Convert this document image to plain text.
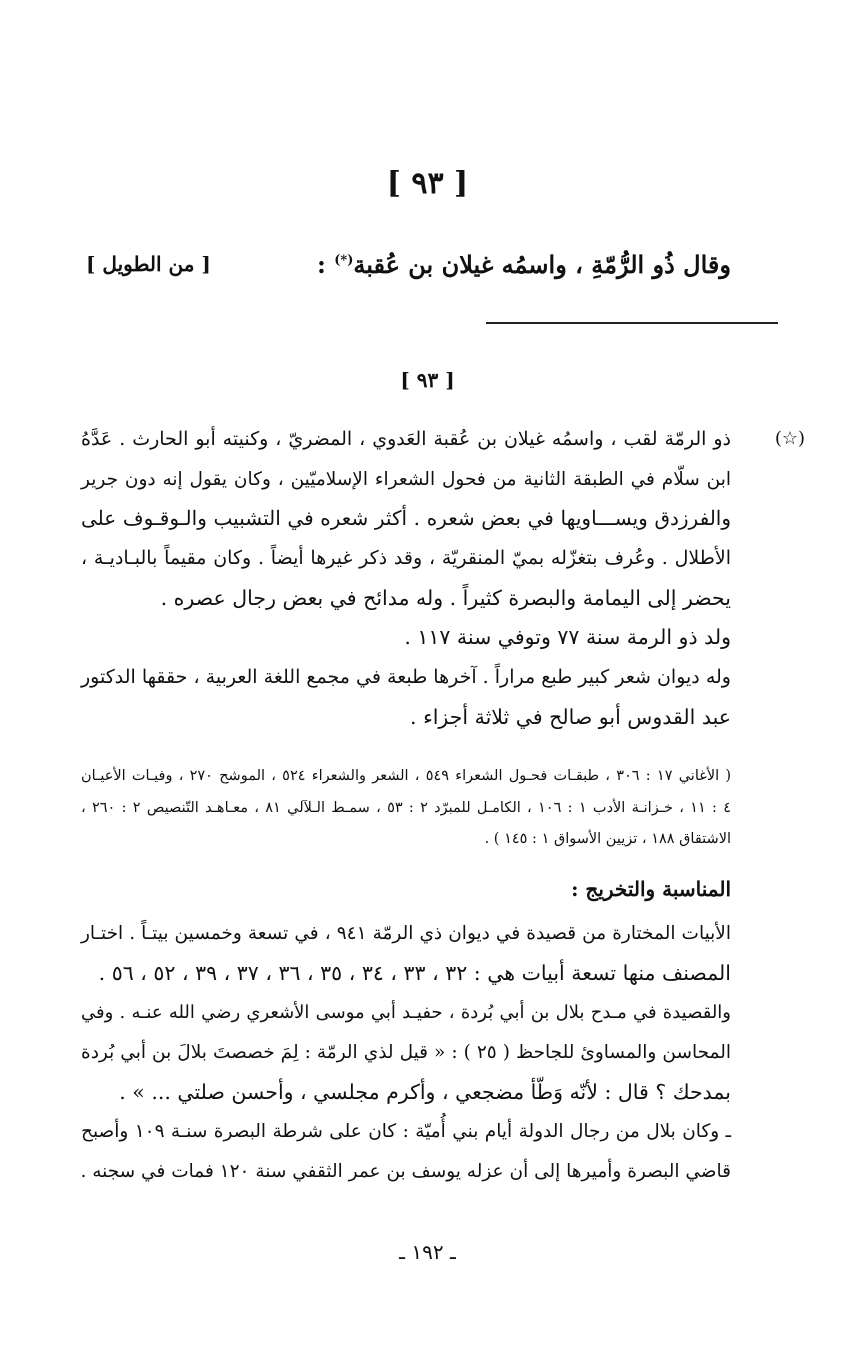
[ ٩٣ ]
وقال ذُو الرُّمّةِ ، واسمُه غيلان بن عُقبة(*) :
[ من الطويل ]
[ ٩٣ ]
(☆)
ذو الرمّة لقب ، واسمُه غيلان بن عُقبة العَدوي ، المضريّ ، وكنيته أبو الحارث . عَدَّهُ
ابن سلّام في الطبقة الثانية من فحول الشعراء الإسلاميّين ، وكان يقول إنه دون جرير
والفرزدق ويســـاويها في بعض شعره . أكثر شعره في التشبيب والـوقـوف على
الأطلال . وعُرف بتغزّله بميّ المنقريّة ، وقد ذكر غيرها أيضاً . وكان مقيماً بالبـاديـة ،
يحضر إلى اليمامة والبصرة كثيراً . وله مدائح في بعض رجال عصره .
ولد ذو الرمة سنة ٧٧ وتوفي سنة ١١٧ .
وله ديوان شعر كبير طبع مراراً . آخرها طبعة في مجمع اللغة العربية ، حققها الدكتور
عبد القدوس أبو صالح في ثلاثة أجزاء .
( الأغاني ١٧ : ٣٠٦ ، طبقـات فحـول الشعراء ٥٤٩ ، الشعر والشعراء ٥٢٤ ، الموشح ٢٧٠ ، وفيـات الأعيـان
٤ : ١١ ، خـزانـة الأدب ١ : ١٠٦ ، الكامـل للمبرّد ٢ : ٥٣ ، سمـط الـلآلي ٨١ ، معـاهـد التّنصيص ٢ : ٢٦٠ ،
الاشتقاق ١٨٨ ، تزيين الأسواق ١ : ١٤٥ ) .
المناسبة والتخريج :
الأبيات المختارة من قصيدة في ديوان ذي الرمّة ٩٤١ ، في تسعة وخمسين بيتـاً . اختـار
المصنف منها تسعة أبيات هي : ٣٢ ، ٣٣ ، ٣٤ ، ٣٥ ، ٣٦ ، ٣٧ ، ٣٩ ، ٥٢ ، ٥٦ .
والقصيدة في مـدح بلال بن أبي بُردة ، حفيـد أبي موسى الأشعري رضي الله عنـه . وفي
المحاسن والمساوئ للجاحظ ( ٢٥ ) : « قيل لذي الرمّة : لِمَ خصصتَ بلالَ بن أبي بُردة
بمدحك ؟ قال : لأنّه وَطّأ مضجعي ، وأكرم مجلسي ، وأحسن صلتي ... » .
ـ وكان بلال من رجال الدولة أيام بني أُميّة : كان على شرطة البصرة سنـة ١٠٩ وأصبح
قاضي البصرة وأميرها إلى أن عزله يوسف بن عمر الثقفي سنة ١٢٠ فمات في سجنه .
ـ ١٩٢ ـ
